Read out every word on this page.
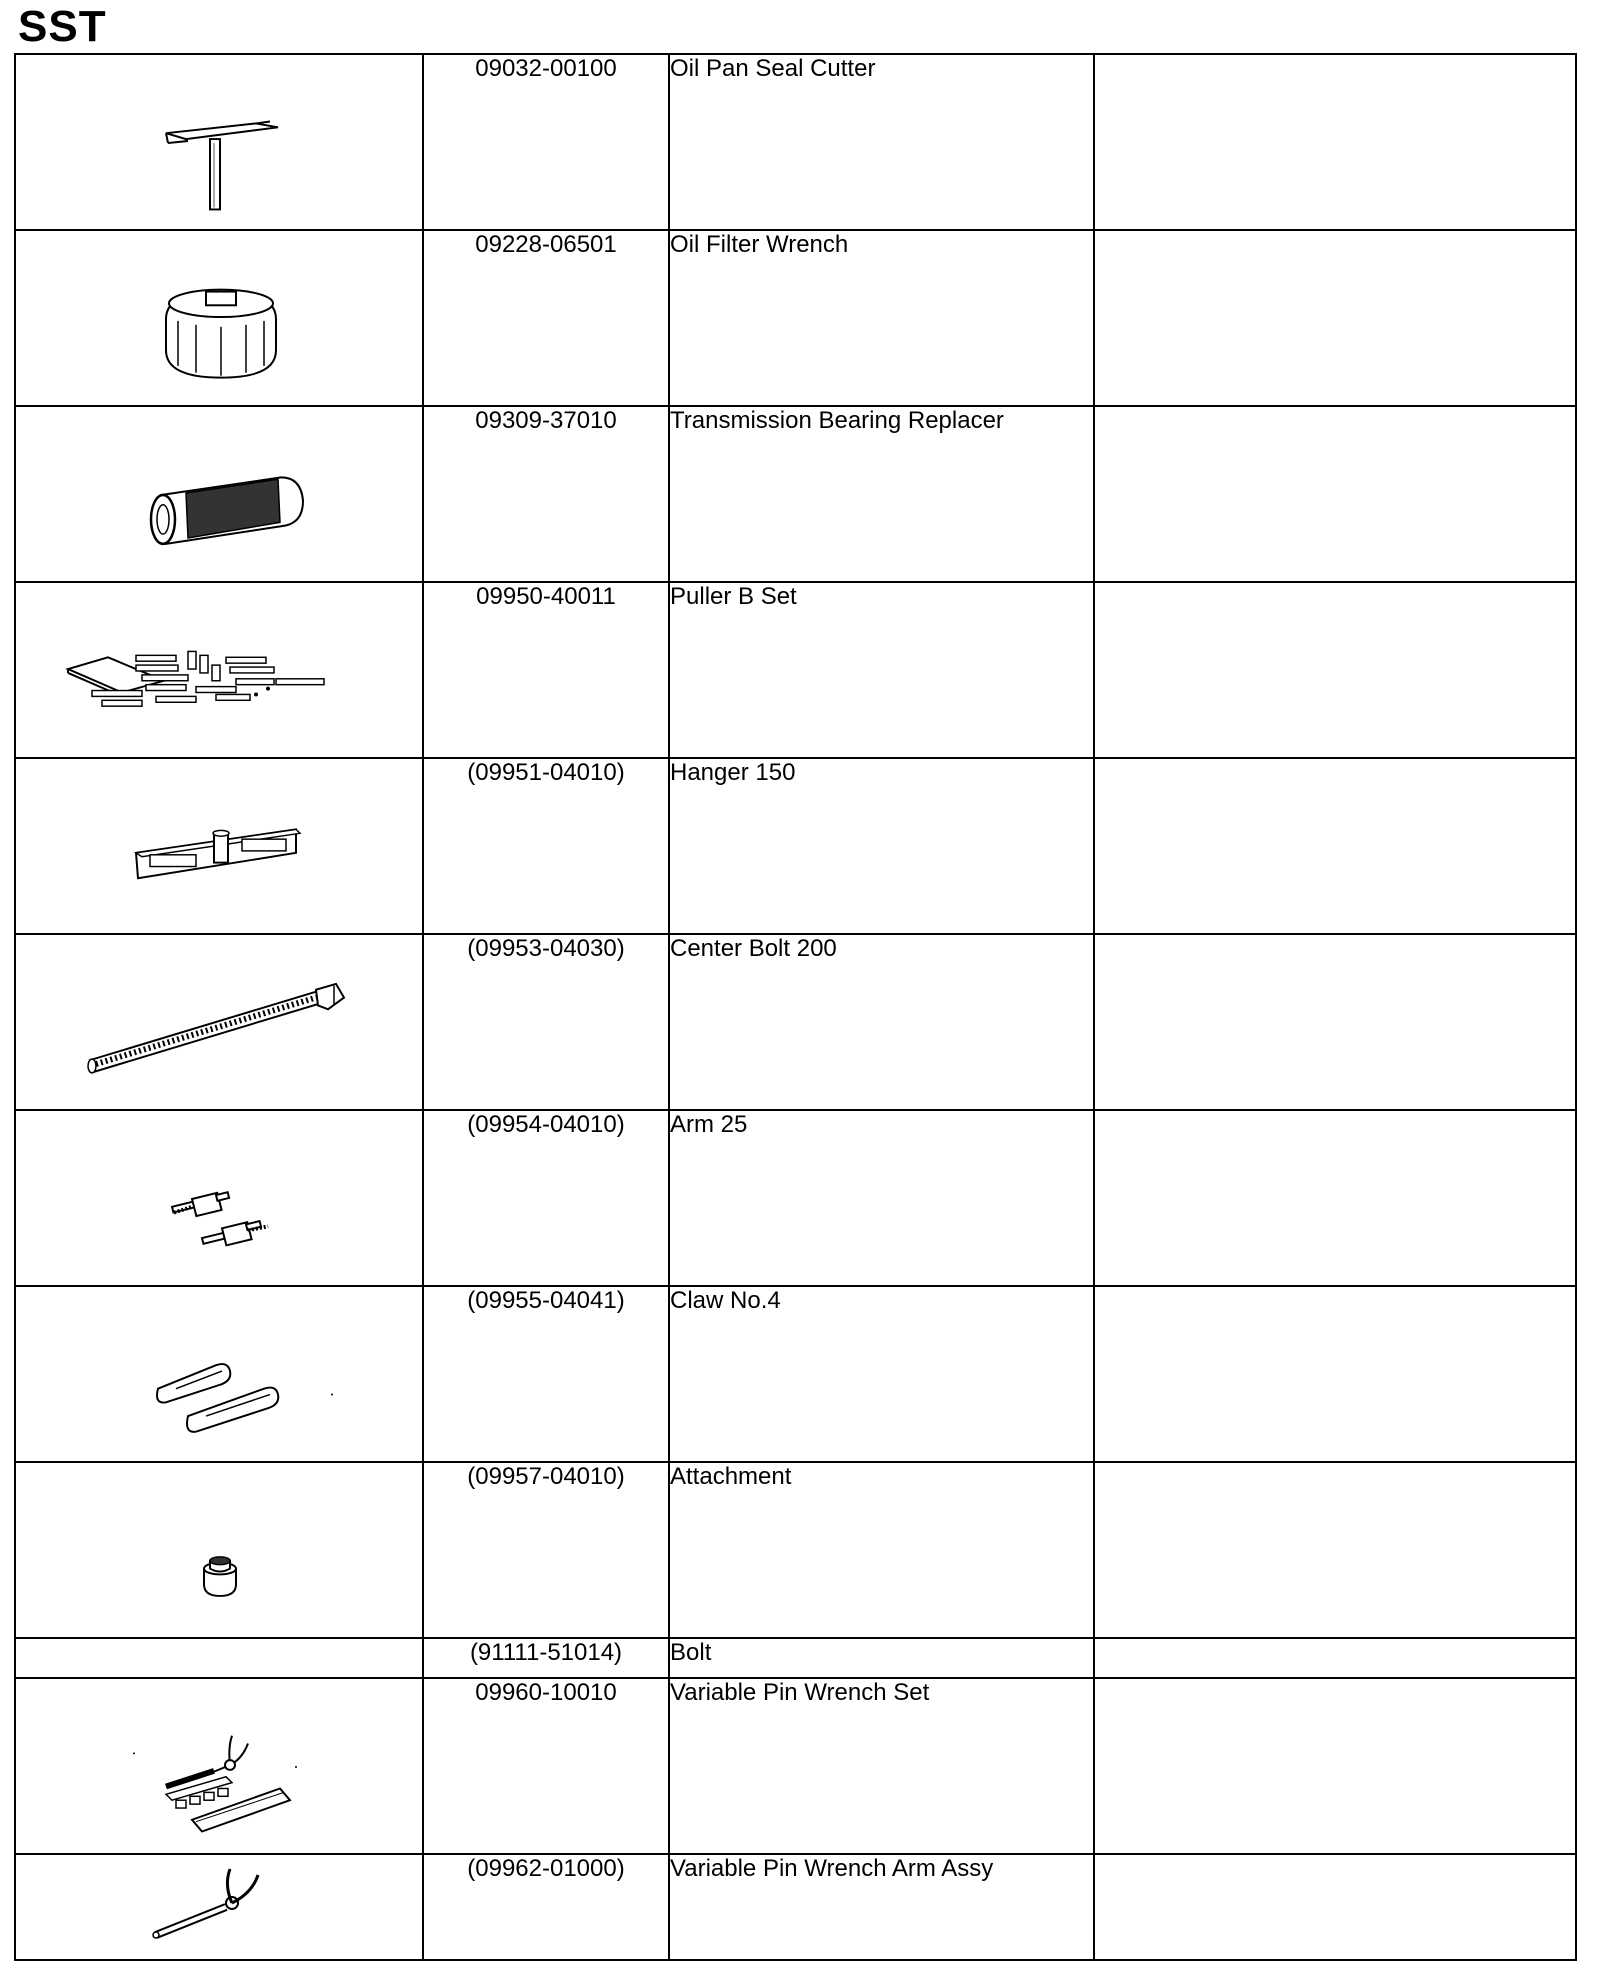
SST
	09032-00100	Oil Pan Seal Cutter	

	09228-06501	Oil Filter Wrench	

	09309-37010	Transmission Bearing Replacer	

	09950-40011	Puller B Set	

	(09951-04010)	Hanger 150	

	(09953-04030)	Center Bolt 200	

	(09954-04010)	Arm 25	

	(09955-04041)	Claw No.4	

	(09957-04010)	Attachment	
	(91111-51014)	Bolt	

	09960-10010	Variable Pin Wrench Set	

	(09962-01000)	Variable Pin Wrench Arm Assy	
